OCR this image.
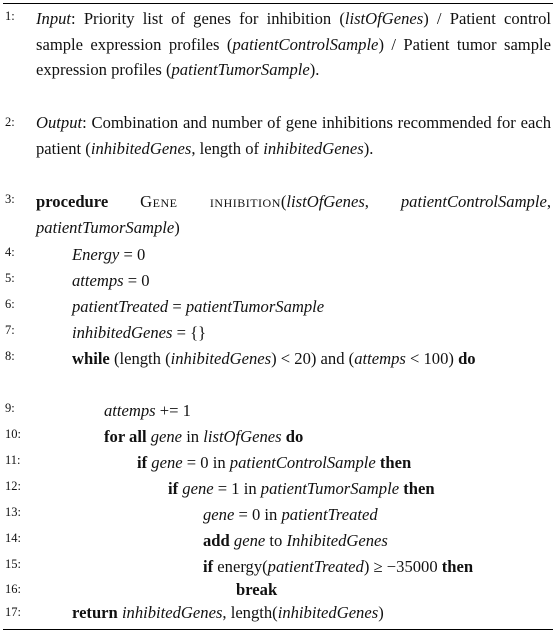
1:	Input: Priority list of genes for inhibition (listOfGenes) / Patient control sample expression profiles (patientControlSample) / Patient tumor sample expression profiles (patientTumorSample).
2:	Output: Combination and number of gene inhibitions recommended for each patient (inhibitedGenes, length of inhibitedGenes).
3:	procedure Gene inhibition(listOfGenes, patientControlSample, patientTumorSample)
4:	Energy = 0
5:	attemps = 0
6:	patientTreated = patientTumorSample
7:	inhibitedGenes = {}
8:	while (length (inhibitedGenes) < 20) and (attemps < 100) do
9:	attemps += 1
10:	for all gene in listOfGenes do
11:	if gene = 0 in patientControlSample then
12:	if gene = 1 in patientTumorSample then
13:	gene = 0 in patientTreated
14:	add gene to InhibitedGenes
15:	if energy(patientTreated) ≥ −35000 then
16:	break
17:	return inhibitedGenes, length(inhibitedGenes)
